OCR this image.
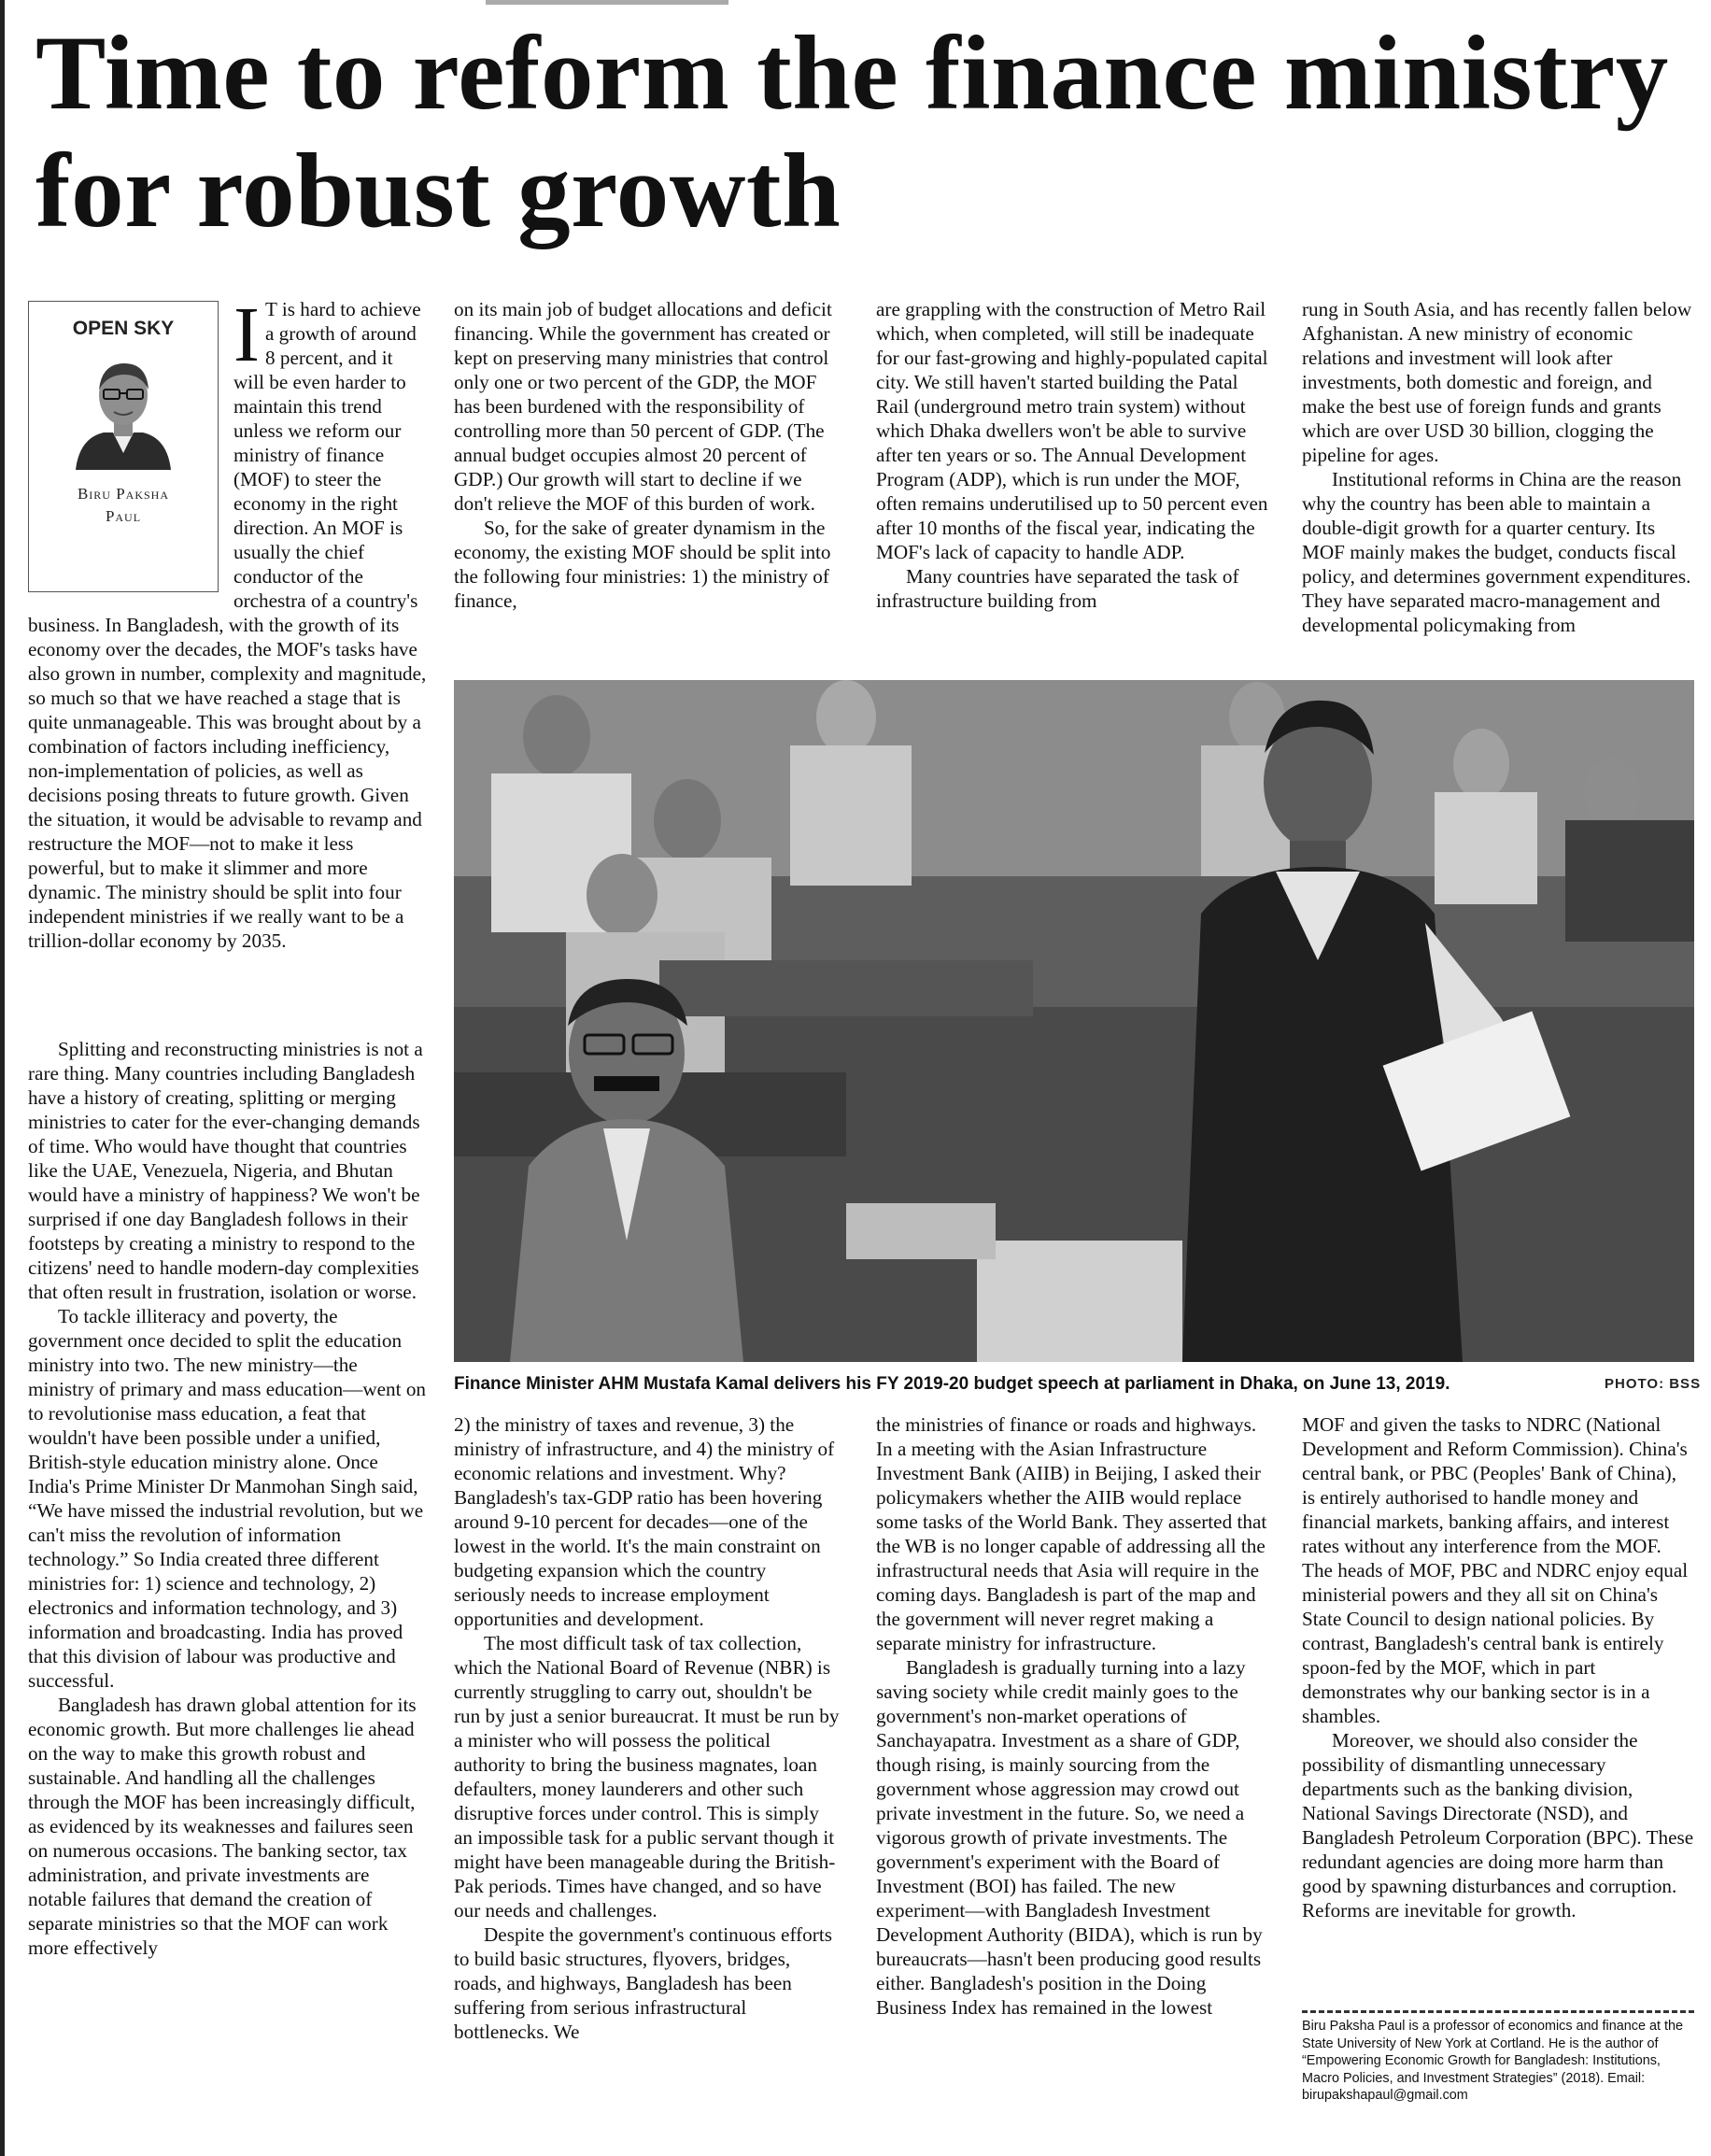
Time to reform the finance ministry for robust growth
OPEN SKY
Biru Paksha
Paul
I T is hard to achieve a growth of around 8 percent, and it will be even harder to maintain this trend unless we reform our ministry of finance (MOF) to steer the economy in the right direction. An MOF is usually the chief conductor of the orchestra of a country's business. In Bangladesh, with the growth of its economy over the decades, the MOF's tasks have also grown in number, complexity and magnitude, so much so that we have reached a stage that is quite unmanageable. This was brought about by a combination of factors including inefficiency, non-implementation of policies, as well as decisions posing threats to future growth. Given the situation, it would be advisable to revamp and restructure the MOF—not to make it less powerful, but to make it slimmer and more dynamic. The ministry should be split into four independent ministries if we really want to be a trillion-dollar economy by 2035.

Splitting and reconstructing ministries is not a rare thing. Many countries including Bangladesh have a history of creating, splitting or merging ministries to cater for the ever-changing demands of time. Who would have thought that countries like the UAE, Venezuela, Nigeria, and Bhutan would have a ministry of happiness? We won't be surprised if one day Bangladesh follows in their footsteps by creating a ministry to respond to the citizens' need to handle modern-day complexities that often result in frustration, isolation or worse.

To tackle illiteracy and poverty, the government once decided to split the education ministry into two. The new ministry—the ministry of primary and mass education—went on to revolutionise mass education, a feat that wouldn't have been possible under a unified, British-style education ministry alone. Once India's Prime Minister Dr Manmohan Singh said, “We have missed the industrial revolution, but we can't miss the revolution of information technology.” So India created three different ministries for: 1) science and technology, 2) electronics and information technology, and 3) information and broadcasting. India has proved that this division of labour was productive and successful.

Bangladesh has drawn global attention for its economic growth. But more challenges lie ahead on the way to make this growth robust and sustainable. And handling all the challenges through the MOF has been increasingly difficult, as evidenced by its weaknesses and failures seen on numerous occasions. The banking sector, tax administration, and private investments are notable failures that demand the creation of separate ministries so that the MOF can work more effectively

on its main job of budget allocations and deficit financing. While the government has created or kept on preserving many ministries that control only one or two percent of the GDP, the MOF has been burdened with the responsibility of controlling more than 50 percent of GDP. (The annual budget occupies almost 20 percent of GDP.) Our growth will start to decline if we don't relieve the MOF of this burden of work.

So, for the sake of greater dynamism in the economy, the existing MOF should be split into the following four ministries: 1) the ministry of finance,

are grappling with the construction of Metro Rail which, when completed, will still be inadequate for our fast-growing and highly-populated capital city. We still haven't started building the Patal Rail (underground metro train system) without which Dhaka dwellers won't be able to survive after ten years or so. The Annual Development Program (ADP), which is run under the MOF, often remains underutilised up to 50 percent even after 10 months of the fiscal year, indicating the MOF's lack of capacity to handle ADP.

Many countries have separated the task of infrastructure building from

rung in South Asia, and has recently fallen below Afghanistan. A new ministry of economic relations and investment will look after investments, both domestic and foreign, and make the best use of foreign funds and grants which are over USD 30 billion, clogging the pipeline for ages.

Institutional reforms in China are the reason why the country has been able to maintain a double-digit growth for a quarter century. Its MOF mainly makes the budget, conducts fiscal policy, and determines government expenditures. They have separated macro-management and developmental policymaking from

Finance Minister AHM Mustafa Kamal delivers his FY 2019-20 budget speech at parliament in Dhaka, on June 13, 2019.	PHOTO: BSS

2) the ministry of taxes and revenue, 3) the ministry of infrastructure, and 4) the ministry of economic relations and investment. Why? Bangladesh's tax-GDP ratio has been hovering around 9-10 percent for decades—one of the lowest in the world. It's the main constraint on budgeting expansion which the country seriously needs to increase employment opportunities and development.

The most difficult task of tax collection, which the National Board of Revenue (NBR) is currently struggling to carry out, shouldn't be run by just a senior bureaucrat. It must be run by a minister who will possess the political authority to bring the business magnates, loan defaulters, money launderers and other such disruptive forces under control. This is simply an impossible task for a public servant though it might have been manageable during the British-Pak periods. Times have changed, and so have our needs and challenges.

Despite the government's continuous efforts to build basic structures, flyovers, bridges, roads, and highways, Bangladesh has been suffering from serious infrastructural bottlenecks. We

the ministries of finance or roads and highways. In a meeting with the Asian Infrastructure Investment Bank (AIIB) in Beijing, I asked their policymakers whether the AIIB would replace some tasks of the World Bank. They asserted that the WB is no longer capable of addressing all the infrastructural needs that Asia will require in the coming days. Bangladesh is part of the map and the government will never regret making a separate ministry for infrastructure.

Bangladesh is gradually turning into a lazy saving society while credit mainly goes to the government's non-market operations of Sanchayapatra. Investment as a share of GDP, though rising, is mainly sourcing from the government whose aggression may crowd out private investment in the future. So, we need a vigorous growth of private investments. The government's experiment with the Board of Investment (BOI) has failed. The new experiment—with Bangladesh Investment Development Authority (BIDA), which is run by bureaucrats—hasn't been producing good results either. Bangladesh's position in the Doing Business Index has remained in the lowest

MOF and given the tasks to NDRC (National Development and Reform Commission). China's central bank, or PBC (Peoples' Bank of China), is entirely authorised to handle money and financial markets, banking affairs, and interest rates without any interference from the MOF. The heads of MOF, PBC and NDRC enjoy equal ministerial powers and they all sit on China's State Council to design national policies. By contrast, Bangladesh's central bank is entirely spoon-fed by the MOF, which in part demonstrates why our banking sector is in a shambles.

Moreover, we should also consider the possibility of dismantling unnecessary departments such as the banking division, National Savings Directorate (NSD), and Bangladesh Petroleum Corporation (BPC). These redundant agencies are doing more harm than good by spawning disturbances and corruption. Reforms are inevitable for growth.

Biru Paksha Paul is a professor of economics and finance at the State University of New York at Cortland. He is the author of “Empowering Economic Growth for Bangladesh: Institutions, Macro Policies, and Investment Strategies” (2018). Email: birupakshapaul@gmail.com
